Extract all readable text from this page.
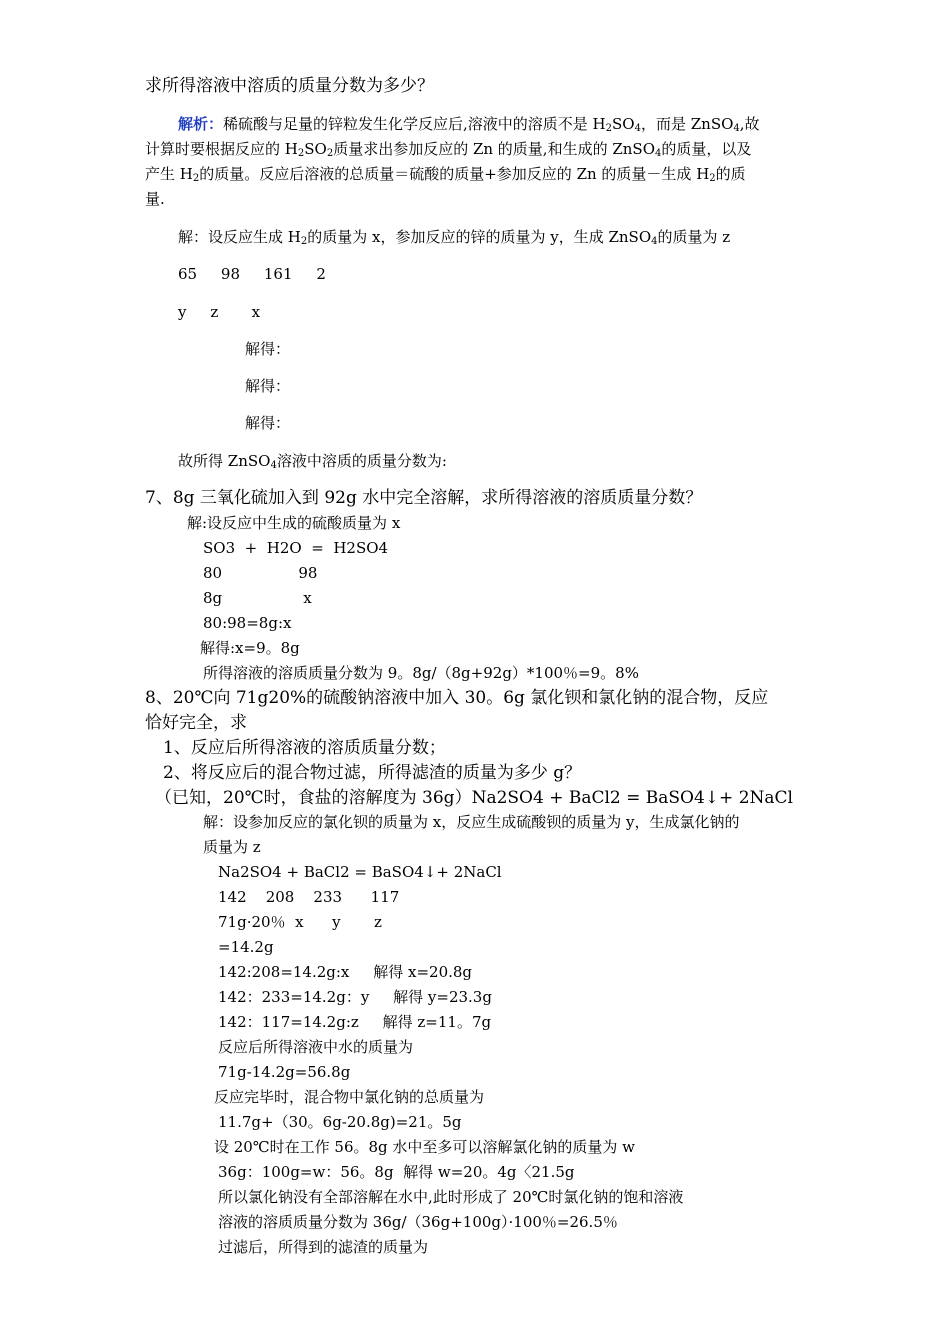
求所得溶液中溶质的质量分数为多少？
解析：稀硫酸与足量的锌粒发生化学反应后,溶液中的溶质不是 $H_2SO_4$，而是 ZnSO$_4$,故
计算时要根据反应的 $H_2SO_2$质量求出参加反应的 Zn 的质量,和生成的 ZnSO$_4$的质量，以及
产生 $H_2$的质量。反应后溶液的总质量＝硫酸的质量+参加反应的 Zn 的质量－生成 $H_2$的质
量.
解：设反应生成 $H_2$的质量为 x，参加反应的锌的质量为 y，生成 ZnSO$_4$的质量为 z
65     98     161     2
y     z       x
解得：
解得：
解得：
故所得 ZnSO$_4$溶液中溶质的质量分数为:
7、8g 三氧化硫加入到 92g 水中完全溶解，求所得溶液的溶质质量分数？
解:设反应中生成的硫酸质量为 x
SO3  +  H2O  =  H2SO4
80                98
8g                 x
80:98=8g:x
解得:x=9。8g
所得溶液的溶质质量分数为 9。8g/（8g+92g）*100％=9。8%
8、20℃向 71g20%的硫酸钠溶液中加入 30。6g 氯化钡和氯化钠的混合物，反应
恰好完全，求
1、反应后所得溶液的溶质质量分数；
2、将反应后的混合物过滤，所得滤渣的质量为多少 g？
（已知，20℃时，食盐的溶解度为 36g）Na2SO4 + BaCl2 = BaSO4↓+ 2NaCl
解：设参加反应的氯化钡的质量为 x，反应生成硫酸钡的质量为 y，生成氯化钠的
质量为 z
Na2SO4 + BaCl2 = BaSO4↓+ 2NaCl
142    208    233      117
71g·20％  x      y       z
=14.2g
142:208=14.2g:x     解得 x=20.8g
142：233=14.2g：y     解得 y=23.3g
142：117=14.2g:z     解得 z=11。7g
反应后所得溶液中水的质量为
71g-14.2g=56.8g
反应完毕时，混合物中氯化钠的总质量为
11.7g+（30。6g-20.8g)=21。5g
设 20℃时在工作 56。8g 水中至多可以溶解氯化钠的质量为 w
36g：100g=w：56。8g  解得 w=20。4g〈21.5g
所以氯化钠没有全部溶解在水中,此时形成了 20℃时氯化钠的饱和溶液
溶液的溶质质量分数为 36g/（36g+100g）·100％=26.5％
过滤后，所得到的滤渣的质量为
